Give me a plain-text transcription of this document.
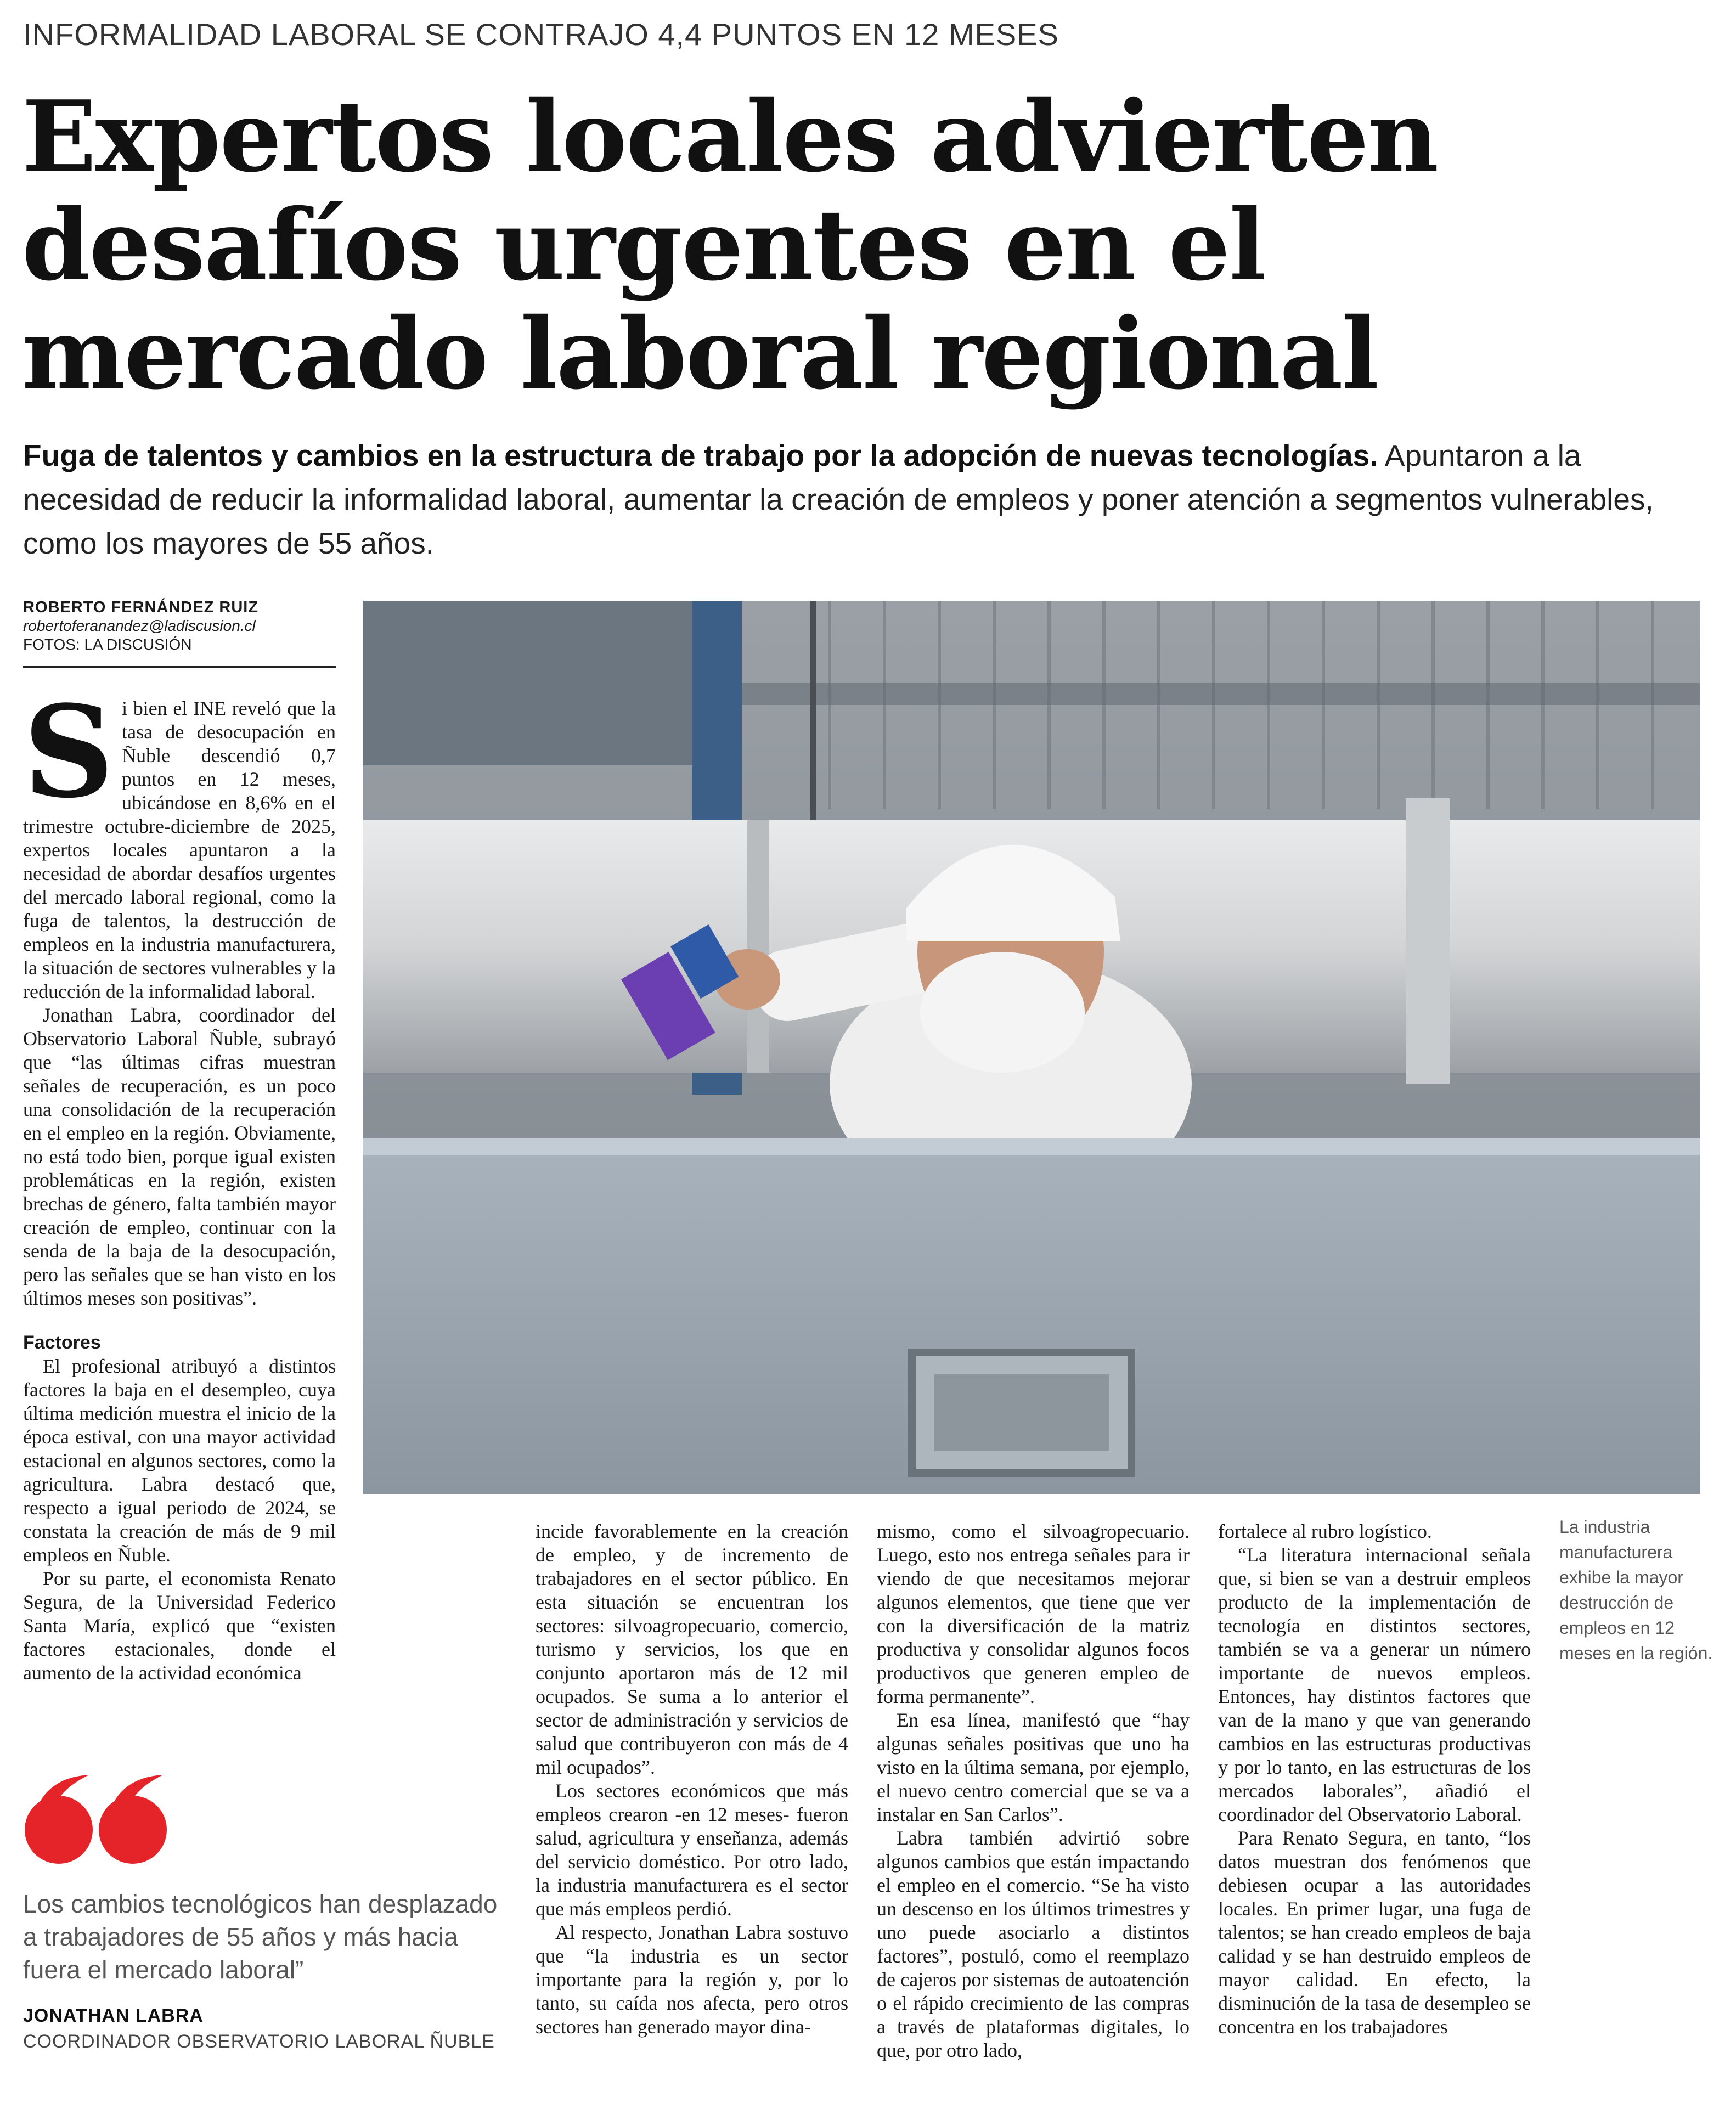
INFORMALIDAD LABORAL SE CONTRAJO 4,4 PUNTOS EN 12 MESES
Expertos locales advierten
desafíos urgentes en el
mercado laboral regional
Fuga de talentos y cambios en la estructura de trabajo por la adopción de nuevas tecnologías. Apuntaron a la necesidad de reducir la informalidad laboral, aumentar la creación de empleos y poner atención a segmentos vulnerables, como los mayores de 55 años.
ROBERTO FERNÁNDEZ RUIZ
robertoferanandez@ladiscusion.cl
FOTOS: LA DISCUSIÓN

Si bien el INE reveló que la tasa de desocupación en Ñuble descendió 0,7 puntos en 12 meses, ubicándose en 8,6% en el trimestre octubre-diciembre de 2025, expertos locales apuntaron a la necesidad de abordar desafíos urgentes del mercado laboral regional, como la fuga de talentos, la destrucción de empleos en la industria manufacturera, la situación de sectores vulnerables y la reducción de la informalidad laboral.

Jonathan Labra, coordinador del Observatorio Laboral Ñuble, subrayó que “las últimas cifras muestran señales de recuperación, es un poco una consolidación de la recuperación en el empleo en la región. Obviamente, no está todo bien, porque igual existen problemáticas en la región, existen brechas de género, falta también mayor creación de empleo, continuar con la senda de la baja de la desocupación, pero las señales que se han visto en los últimos meses son positivas”.

Factores

El profesional atribuyó a distintos factores la baja en el desempleo, cuya última medición muestra el inicio de la época estival, con una mayor actividad estacional en algunos sectores, como la agricultura. Labra destacó que, respecto a igual periodo de 2024, se constata la creación de más de 9 mil empleos en Ñuble.

Por su parte, el economista Renato Segura, de la Universidad Federico Santa María, explicó que “existen factores estacionales, donde el aumento de la actividad económica

La industria manufacturera exhibe la mayor destrucción de empleos en 12 meses en la región.

incide favorablemente en la creación de empleo, y de incremento de trabajadores en el sector público. En esta situación se encuentran los sectores: silvoagropecuario, comercio, turismo y servicios, los que en conjunto aportaron más de 12 mil ocupados. Se suma a lo anterior el sector de administración y servicios de salud que contribuyeron con más de 4 mil ocupados”.

Los sectores económicos que más empleos crearon -en 12 meses- fueron salud, agricultura y enseñanza, además del servicio doméstico. Por otro lado, la industria manufacturera es el sector que más empleos perdió.

Al respecto, Jonathan Labra sostuvo que “la industria es un sector importante para la región y, por lo tanto, su caída nos afecta, pero otros sectores han generado mayor dina-

mismo, como el silvoagropecuario. Luego, esto nos entrega señales para ir viendo de que necesitamos mejorar algunos elementos, que tiene que ver con la diversificación de la matriz productiva y consolidar algunos focos productivos que generen empleo de forma permanente”.

En esa línea, manifestó que “hay algunas señales positivas que uno ha visto en la última semana, por ejemplo, el nuevo centro comercial que se va a instalar en San Carlos”.

Labra también advirtió sobre algunos cambios que están impactando el empleo en el comercio. “Se ha visto un descenso en los últimos trimestres y uno puede asociarlo a distintos factores”, postuló, como el reemplazo de cajeros por sistemas de autoatención o el rápido crecimiento de las compras a través de plataformas digitales, lo que, por otro lado,

fortalece al rubro logístico.

“La literatura internacional señala que, si bien se van a destruir empleos producto de la implementación de tecnología en distintos sectores, también se va a generar un número importante de nuevos empleos. Entonces, hay distintos factores que van de la mano y que van generando cambios en las estructuras productivas y por lo tanto, en las estructuras de los mercados laborales”, añadió el coordinador del Observatorio Laboral.

Para Renato Segura, en tanto, “los datos muestran dos fenómenos que debiesen ocupar a las autoridades locales. En primer lugar, una fuga de talentos; se han creado empleos de baja calidad y se han destruido empleos de mayor calidad. En efecto, la disminución de la tasa de desempleo se concentra en los trabajadores

Los cambios tecnológicos han desplazado a trabajadores de 55 años y más hacia fuera el mercado laboral”
JONATHAN LABRA
COORDINADOR OBSERVATORIO LABORAL ÑUBLE
